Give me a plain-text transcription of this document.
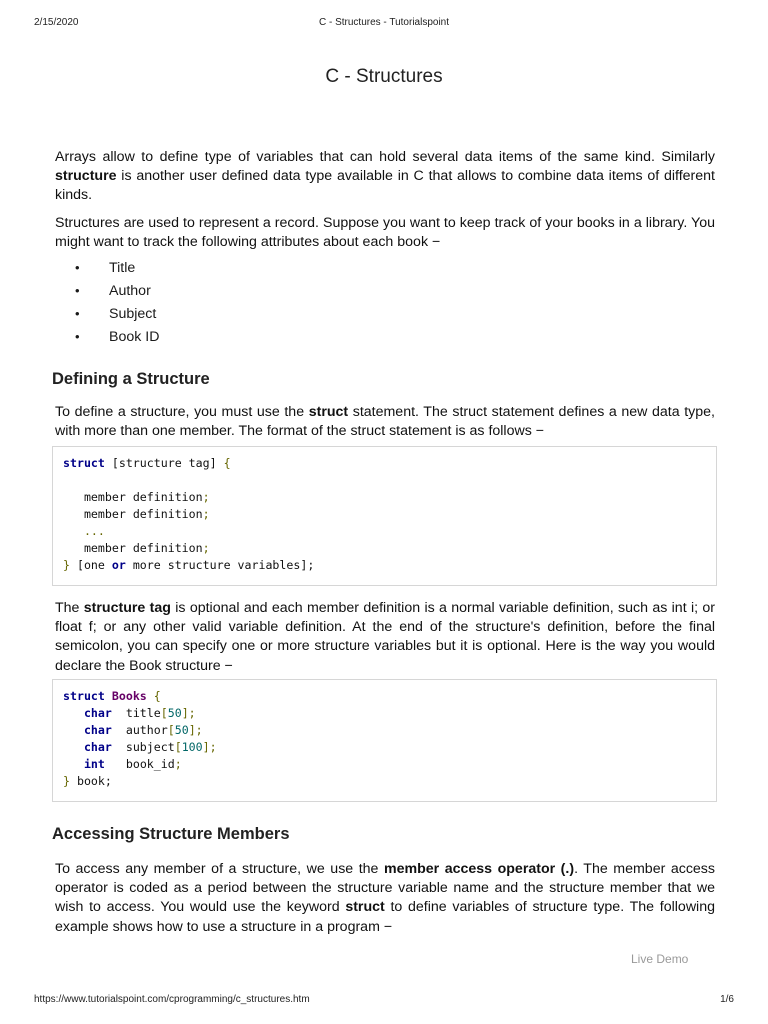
2/15/2020	C - Structures - Tutorialspoint
C - Structures

Arrays allow to define type of variables that can hold several data items of the same kind. Similarly structure is another user defined data type available in C that allows to combine data items of different kinds.

Structures are used to represent a record. Suppose you want to keep track of your books in a library. You might want to track the following attributes about each book −

• Title
• Author
• Subject
• Book ID
Defining a Structure

To define a structure, you must use the struct statement. The struct statement defines a new data type, with more than one member. The format of the struct statement is as follows −

struct [structure tag] {
member definition;
member definition;
...
member definition;
} [one or more structure variables];

The structure tag is optional and each member definition is a normal variable definition, such as int i; or float f; or any other valid variable definition. At the end of the structure's definition, before the final semicolon, you can specify one or more structure variables but it is optional. Here is the way you would declare the Book structure −

struct Books {
char title[50];
char author[50];
char subject[100];
int book_id;
} book;
Accessing Structure Members

To access any member of a structure, we use the member access operator (.). The member access operator is coded as a period between the structure variable name and the structure member that we wish to access. You would use the keyword struct to define variables of structure type. The following example shows how to use a structure in a program −

Live Demo
https://www.tutorialspoint.com/cprogramming/c_structures.htm	1/6
